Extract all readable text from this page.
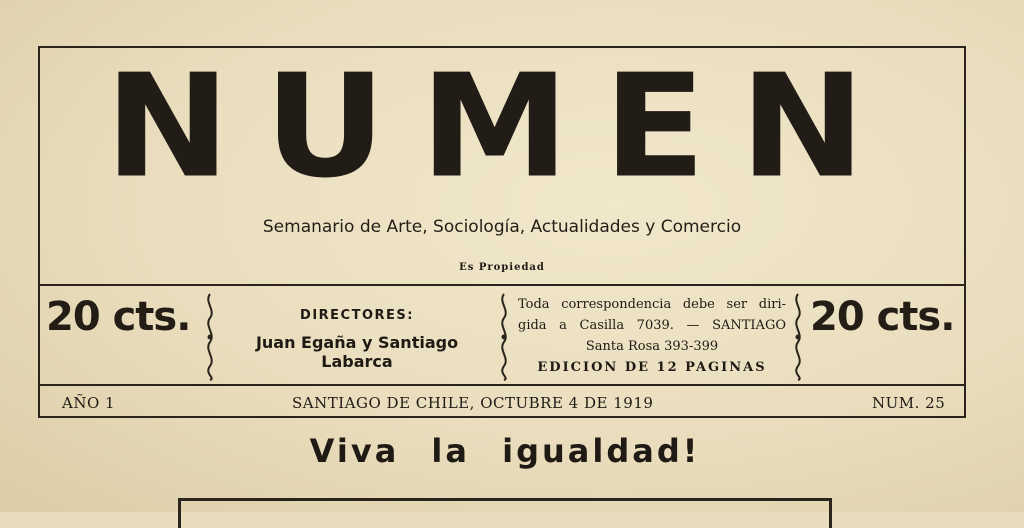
NUMEN
Semanario de Arte, Sociología, Actualidades y Comercio
Es Propiedad
20 cts.	DIRECTORES:
Juan Egaña y Santiago Labarca
Toda correspondencia debe ser diri-
gida a Casilla 7039. — SANTIAGO
Santa Rosa 393-399
EDICION DE 12 PAGINAS
20 cts.
AÑO 1	SANTIAGO DE CHILE, OCTUBRE 4 DE 1919	NUM. 25
Viva la igualdad!
